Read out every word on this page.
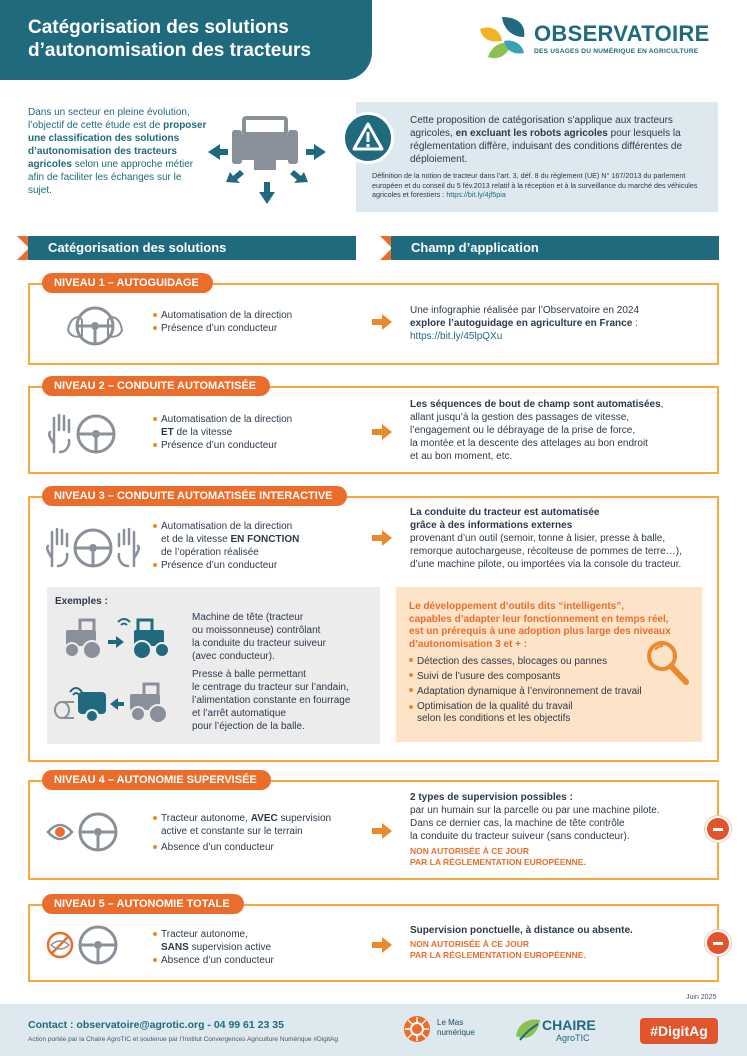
Catégorisation des solutions
d’autonomisation des tracteurs
OBSERVATOIRE
DES USAGES DU NUMÉRIQUE EN AGRICULTURE
Dans un secteur en pleine évolution, l’objectif de cette étude est de proposer une classification des solutions d’autonomisation des tracteurs agricoles selon une approche métier afin de faciliter les échanges sur le sujet.
Cette proposition de catégorisation s’applique aux tracteurs agricoles, en excluant les robots agricoles pour lesquels la réglementation diffère, induisant des conditions différentes de déploiement.
Définition de la notion de tracteur dans l’art. 3, déf. 8 du règlement (UE) N° 167/2013 du parlement européen et du conseil du 5 fév.2013 relatif à la réception et à la surveillance du marché des véhicules agricoles et forestiers : https://bit.ly/4jf5pia
Catégorisation des solutions	Champ d’application
NIVEAU 1 – AUTOGUIDAGE
Automatisation de la direction
Présence d’un conducteur
Une infographie réalisée par l’Observatoire en 2024
explore l’autoguidage en agriculture en France :
https://bit.ly/45lpQXu
NIVEAU 2 – CONDUITE AUTOMATISÉE
Automatisation de la direction
ET de la vitesse
Présence d’un conducteur
Les séquences de bout de champ sont automatisées,
allant jusqu’à la gestion des passages de vitesse,
l’engagement ou le débrayage de la prise de force,
la montée et la descente des attelages au bon endroit
et au bon moment, etc.
NIVEAU 3 – CONDUITE AUTOMATISÉE INTERACTIVE
Automatisation de la direction
et de la vitesse EN FONCTION
de l’opération réalisée
Présence d’un conducteur
La conduite du tracteur est automatisée
grâce à des informations externes
provenant d’un outil (semoir, tonne à lisier, presse à balle,
remorque autochargeuse, récolteuse de pommes de terre…),
d’une machine pilote, ou importées via la console du tracteur.
Exemples :
Machine de tête (tracteur
ou moissonneuse) contrôlant
la conduite du tracteur suiveur
(avec conducteur).
Presse à balle permettant
le centrage du tracteur sur l’andain,
l’alimentation constante en fourrage
et l’arrêt automatique
pour l’éjection de la balle.
Le développement d’outils dits “intelligents”,
capables d’adapter leur fonctionnement en temps réel,
est un prérequis à une adoption plus large des niveaux
d’autonomisation 3 et + :
Détection des casses, blocages ou pannes
Suivi de l’usure des composants
Adaptation dynamique à l’environnement de travail
Optimisation de la qualité du travail
selon les conditions et les objectifs
NIVEAU 4 – AUTONOMIE SUPERVISÉE
Tracteur autonome, AVEC supervision
active et constante sur le terrain
Absence d’un conducteur
2 types de supervision possibles :
par un humain sur la parcelle ou par une machine pilote.
Dans ce dernier cas, la machine de tête contrôle
la conduite du tracteur suiveur (sans conducteur).
NON AUTORISÉE À CE JOUR
PAR LA RÉGLEMENTATION EUROPÉENNE.
NIVEAU 5 – AUTONOMIE TOTALE
Tracteur autonome,
SANS supervision active
Absence d’un conducteur
Supervision ponctuelle, à distance ou absente.
NON AUTORISÉE À CE JOUR
PAR LA RÉGLEMENTATION EUROPÉENNE.
Juin 2025
Contact : observatoire@agrotic.org - 04 99 61 23 35
Action portée par la Chaire AgroTIC et soutenue par l’Institut Convergences Agriculture Numérique #DigitAg
Le Mas
numérique	CHAIRE
AgroTIC	#DigitAg
